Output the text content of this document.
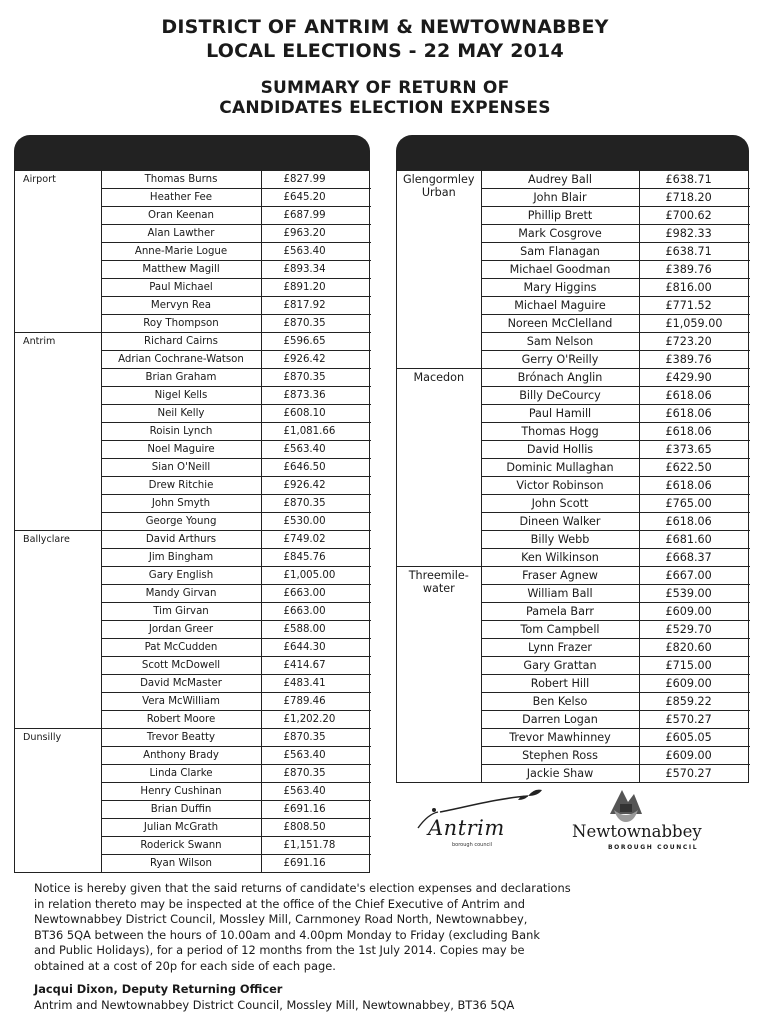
DISTRICT OF ANTRIM & NEWTOWNABBEY
LOCAL ELECTIONS - 22 MAY 2014
SUMMARY OF RETURN OF
CANDIDATES ELECTION EXPENSES
Airport	Thomas Burns	£827.99
	Heather Fee	£645.20
	Oran Keenan	£687.99
	Alan Lawther	£963.20
	Anne-Marie Logue	£563.40
	Matthew Magill	£893.34
	Paul Michael	£891.20
	Mervyn Rea	£817.92
	Roy Thompson	£870.35
Antrim	Richard Cairns	£596.65
	Adrian Cochrane-Watson	£926.42
	Brian Graham	£870.35
	Nigel Kells	£873.36
	Neil Kelly	£608.10
	Roisin Lynch	£1,081.66
	Noel Maguire	£563.40
	Sian O'Neill	£646.50
	Drew Ritchie	£926.42
	John Smyth	£870.35
	George Young	£530.00
Ballyclare	David Arthurs	£749.02
	Jim Bingham	£845.76
	Gary English	£1,005.00
	Mandy Girvan	£663.00
	Tim Girvan	£663.00
	Jordan Greer	£588.00
	Pat McCudden	£644.30
	Scott McDowell	£414.67
	David McMaster	£483.41
	Vera McWilliam	£789.46
	Robert Moore	£1,202.20
Dunsilly	Trevor Beatty	£870.35
	Anthony Brady	£563.40
	Linda Clarke	£870.35
	Henry Cushinan	£563.40
	Brian Duffin	£691.16
	Julian McGrath	£808.50
	Roderick Swann	£1,151.78
	Ryan Wilson	£691.16
Glengormley Urban	Audrey Ball	£638.71
	John Blair	£718.20
	Phillip Brett	£700.62
	Mark Cosgrove	£982.33
	Sam Flanagan	£638.71
	Michael Goodman	£389.76
	Mary Higgins	£816.00
	Michael Maguire	£771.52
	Noreen McClelland	£1,059.00
	Sam Nelson	£723.20
	Gerry O'Reilly	£389.76
Macedon	Brónach Anglin	£429.90
	Billy DeCourcy	£618.06
	Paul Hamill	£618.06
	Thomas Hogg	£618.06
	David Hollis	£373.65
	Dominic Mullaghan	£622.50
	Victor Robinson	£618.06
	John Scott	£765.00
	Dineen Walker	£618.06
	Billy Webb	£681.60
	Ken Wilkinson	£668.37
Threemile-water	Fraser Agnew	£667.00
	William Ball	£539.00
	Pamela Barr	£609.00
	Tom Campbell	£529.70
	Lynn Frazer	£820.60
	Gary Grattan	£715.00
	Robert Hill	£609.00
	Ben Kelso	£859.22
	Darren Logan	£570.27
	Trevor Mawhinney	£605.05
	Stephen Ross	£609.00
	Jackie Shaw	£570.27
Antrim
borough council
Newtownabbey
BOROUGH COUNCIL
Notice is hereby given that the said returns of candidate's election expenses and declarations
in relation thereto may be inspected at the office of the Chief Executive of Antrim and
Newtownabbey District Council, Mossley Mill, Carnmoney Road North, Newtownabbey,
BT36 5QA between the hours of 10.00am and 4.00pm Monday to Friday (excluding Bank
and Public Holidays), for a period of 12 months from the 1st July 2014. Copies may be
obtained at a cost of 20p for each side of each page.
Jacqui Dixon, Deputy Returning Officer
Antrim and Newtownabbey District Council, Mossley Mill, Newtownabbey, BT36 5QA
